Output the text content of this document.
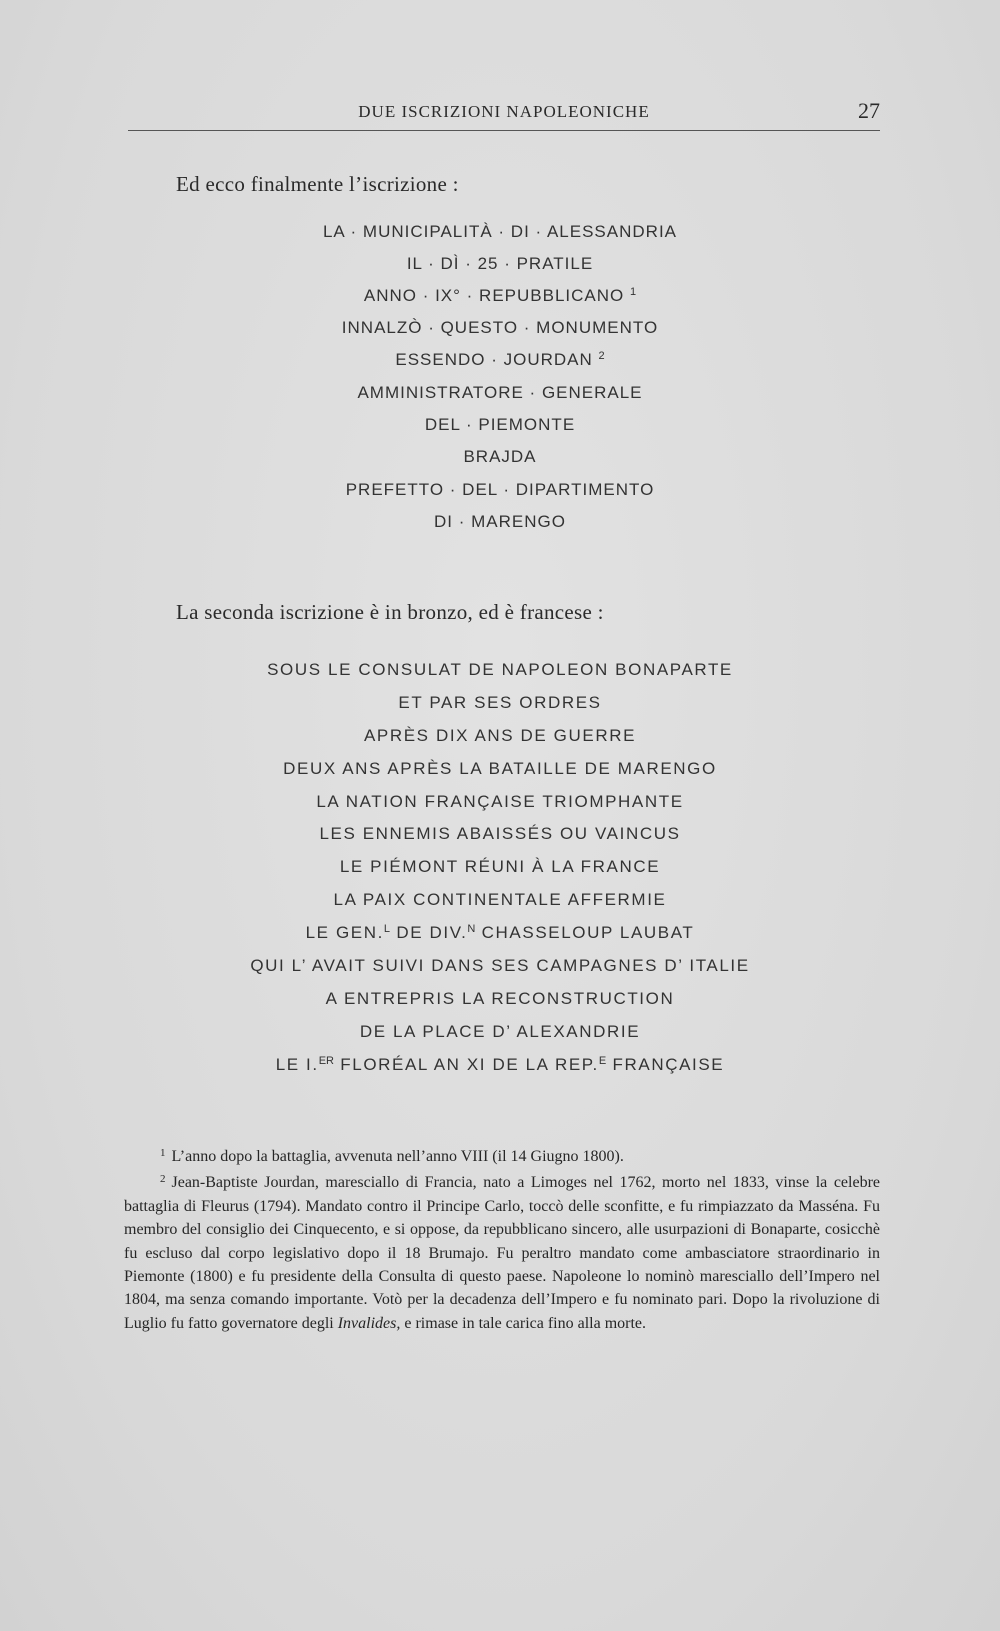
DUE ISCRIZIONI NAPOLEONICHE	27
Ed ecco finalmente l’iscrizione :
LA · MUNICIPALITÀ · DI · ALESSANDRIA
IL · DÌ · 25 · PRATILE
ANNO · IX° · REPUBBLICANO $^1$
INNALZÒ · QUESTO · MONUMENTO
ESSENDO · JOURDAN $^2$
AMMINISTRATORE · GENERALE
DEL · PIEMONTE
BRAJDA
PREFETTO · DEL · DIPARTIMENTO
DI · MARENGO
La seconda iscrizione è in bronzo, ed è francese :
SOUS LE CONSULAT DE NAPOLEON BONAPARTE
ET PAR SES ORDRES
APRÈS DIX ANS DE GUERRE
DEUX ANS APRÈS LA BATAILLE DE MARENGO
LA NATION FRANÇAISE TRIOMPHANTE
LES ENNEMIS ABAISSÉS OU VAINCUS
LE PIÉMONT RÉUNI À LA FRANCE
LA PAIX CONTINENTALE AFFERMIE
LE GEN.$^L$ DE DIV.$^N$ CHASSELOUP LAUBAT
QUI L’ AVAIT SUIVI DANS SES CAMPAGNES D’ ITALIE
A ENTREPRIS LA RECONSTRUCTION
DE LA PLACE D’ ALEXANDRIE
LE I.$^{ER}$ FLORÉAL AN XI DE LA REP.$^E$ FRANÇAISE

$^1$ L’anno dopo la battaglia, avvenuta nell’anno VIII (il 14 Giugno 1800).

$^2$ Jean-Baptiste Jourdan, maresciallo di Francia, nato a Limoges nel 1762, morto nel 1833, vinse la celebre battaglia di Fleurus (1794). Mandato contro il Principe Carlo, toccò delle sconfitte, e fu rimpiazzato da Masséna. Fu membro del consiglio dei Cinquecento, e si oppose, da repubblicano sincero, alle usurpazioni di Bonaparte, cosicchè fu escluso dal corpo legislativo dopo il 18 Brumajo. Fu peraltro mandato come ambasciatore straordinario in Piemonte (1800) e fu presidente della Consulta di questo paese. Napoleone lo nominò maresciallo dell’Impero nel 1804, ma senza comando importante. Votò per la decadenza dell’Impero e fu nominato pari. Dopo la rivoluzione di Luglio fu fatto governatore degli Invalides, e rimase in tale carica fino alla morte.
